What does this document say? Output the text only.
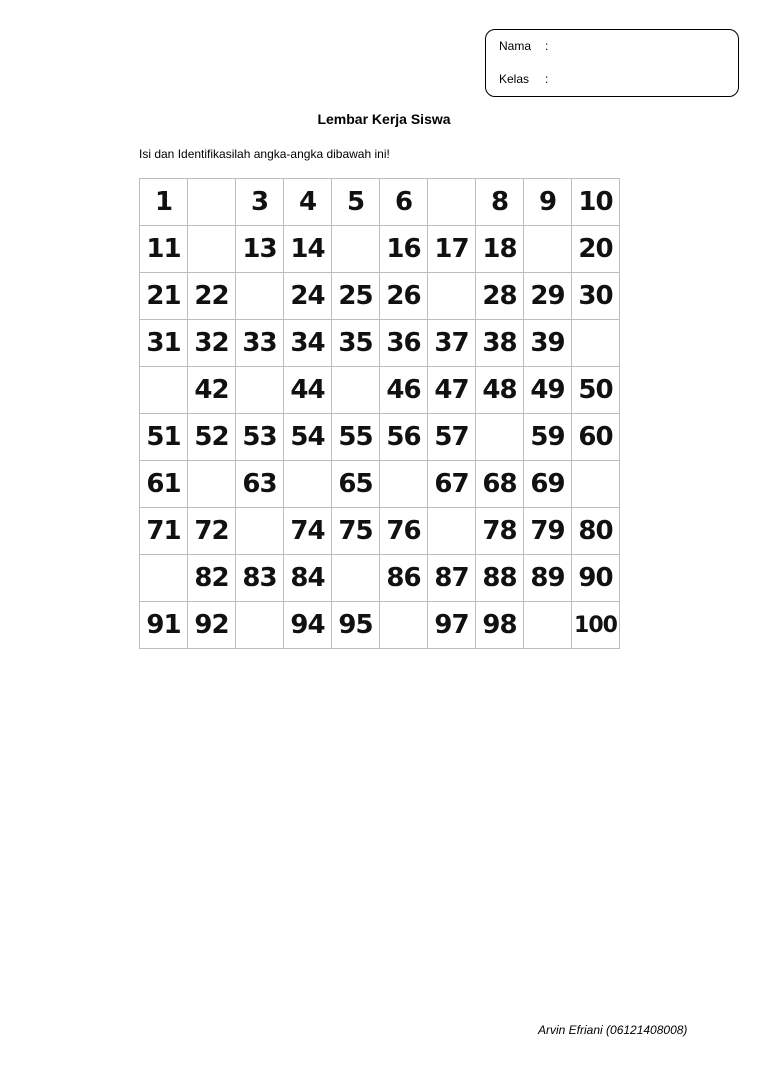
Nama	:
Kelas	:
Lembar Kerja Siswa
Isi dan Identifikasilah angka-angka dibawah ini!
1		3	4	5	6		8	9	10
11		13	14		16	17	18		20
21	22		24	25	26		28	29	30
31	32	33	34	35	36	37	38	39	
	42		44		46	47	48	49	50
51	52	53	54	55	56	57		59	60
61		63		65		67	68	69	
71	72		74	75	76		78	79	80
	82	83	84		86	87	88	89	90
91	92		94	95		97	98		100
Arvin Efriani (06121408008)
